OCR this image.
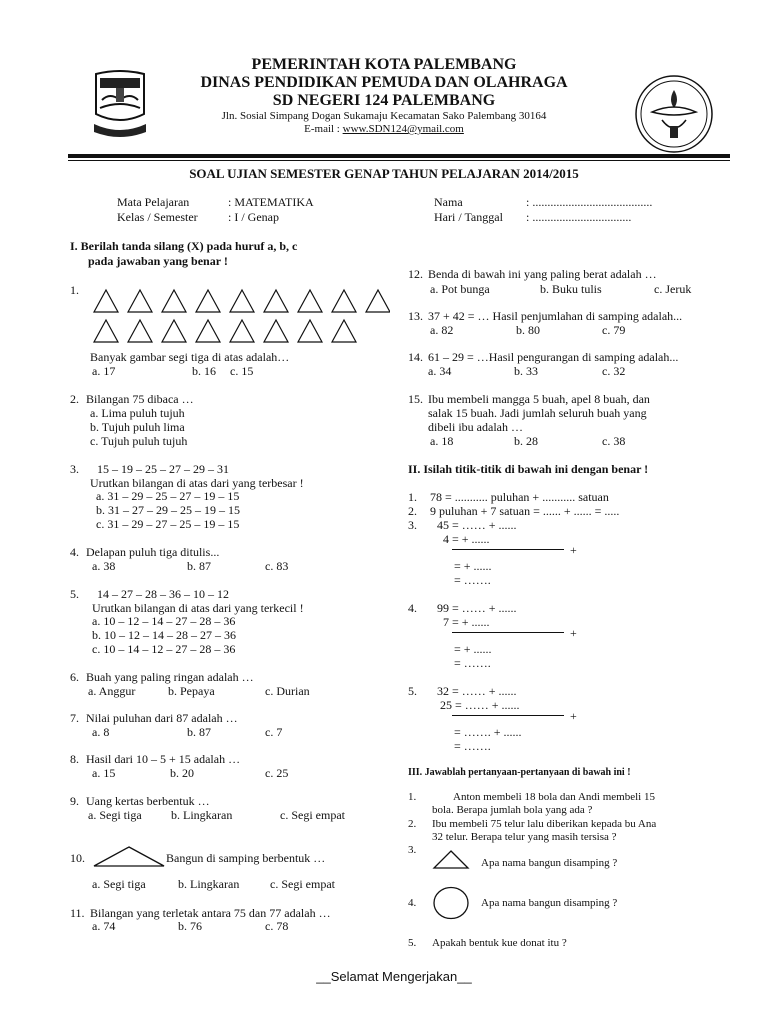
PEMERINTAH KOTA PALEMBANG
DINAS PENDIDIKAN PEMUDA DAN OLAHRAGA
SD NEGERI 124 PALEMBANG
Jln. Sosial Simpang Dogan Sukamaju Kecamatan Sako Palembang 30164
E-mail : www.SDN124@ymail.com
SOAL UJIAN SEMESTER GENAP TAHUN PELAJARAN 2014/2015
Mata Pelajaran	: MATEMATIKA
Kelas / Semester	: I / Genap
Nama	: ........................................
Hari / Tanggal : .................................
I. Berilah tanda silang (X) pada huruf a, b, c
pada jawaban yang benar !
1.
Banyak gambar segi tiga di atas adalah…
a. 17	b. 16 c. 15
2. Bilangan 75 dibaca …
a. Lima puluh tujuh
b. Tujuh puluh lima
c. Tujuh puluh tujuh
3. 15 – 19 – 25 – 27 – 29 – 31
Urutkan bilangan di atas dari yang terbesar !
a. 31 – 29 – 25 – 27 – 19 – 15
b. 31 – 27 – 29 – 25 – 19 – 15
c. 31 – 29 – 27 – 25 – 19 – 15
4. Delapan puluh tiga ditulis...
a. 38	b. 87	c. 83
5. 14 – 27 – 28 – 36 – 10 – 12
Urutkan bilangan di atas dari yang terkecil !
a. 10 – 12 – 14 – 27 – 28 – 36
b. 10 – 12 – 14 – 28 – 27 – 36
c. 10 – 14 – 12 – 27 – 28 – 36
6. Buah yang paling ringan adalah …
a. Anggur	b. Pepaya	c. Durian
7. Nilai puluhan dari 87 adalah …
a. 8	b. 87	c. 7
8. Hasil dari 10 – 5 + 15 adalah …
a. 15	b. 20	c. 25
9. Uang kertas berbentuk …
a. Segi tiga b. Lingkaran	c. Segi empat
10.	Bangun di samping berbentuk …
a. Segi tiga	b. Lingkaran	c. Segi empat
11. Bilangan yang terletak antara 75 dan 77 adalah …
a. 74	b. 76	c. 78
12. Benda di bawah ini yang paling berat adalah …
a. Pot bunga	b. Buku tulis	c. Jeruk
13. 37 + 42 = … Hasil penjumlahan di samping adalah...
a. 82	b. 80	c. 79
14. 61 – 29 = …Hasil pengurangan di samping adalah...
a. 34	b. 33	c. 32
15. Ibu membeli mangga 5 buah, apel 8 buah, dan
salak 15 buah. Jadi jumlah seluruh buah yang
dibeli ibu adalah …
a. 18	b. 28	c. 38
II. Isilah titik-titik di bawah ini dengan benar !
1. 78 = ........... puluhan + ........... satuan
2. 9 puluhan + 7 satuan = ...... + ...... = .....
3. 45 = …… + ......
4 = + ......
+
= + ......
= …….
4. 99 = …… + ......
7 = + ......
+
= + ......
= …….
5. 32 = …… + ......
25 = …… + ......
+
= ……. + ......
= …….
III. Jawablah pertanyaan-pertanyaan di bawah ini !
1.	Anton membeli 18 bola dan Andi membeli 15
bola. Berapa jumlah bola yang ada ?
2. Ibu membeli 75 telur lalu diberikan kepada bu Ana
32 telur. Berapa telur yang masih tersisa ?
3.
Apa nama bangun disamping ?
4.	Apa nama bangun disamping ?
5. Apakah bentuk kue donat itu ?
__Selamat Mengerjakan__
